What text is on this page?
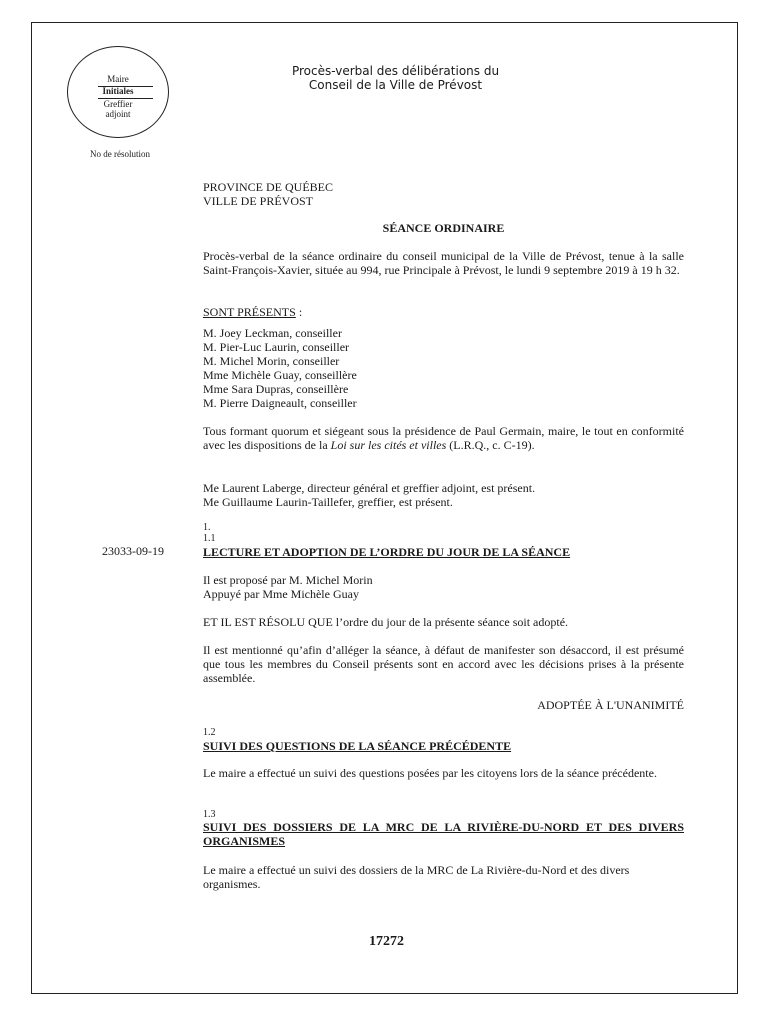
Maire
Initiales
Greffier
adjoint
Procès-verbal des délibérations du
Conseil de la Ville de Prévost
No de résolution
PROVINCE DE QUÉBEC
VILLE DE PRÉVOST
SÉANCE ORDINAIRE
Procès-verbal de la séance ordinaire du conseil municipal de la Ville de Prévost, tenue à la salle Saint-François-Xavier, située au 994, rue Principale à Prévost, le lundi 9 septembre 2019 à 19 h 32.
SONT PRÉSENTS :
M. Joey Leckman, conseiller
M. Pier-Luc Laurin, conseiller
M. Michel Morin, conseiller
Mme Michèle Guay, conseillère
Mme Sara Dupras, conseillère
M. Pierre Daigneault, conseiller
Tous formant quorum et siégeant sous la présidence de Paul Germain, maire, le tout en conformité avec les dispositions de la Loi sur les cités et villes (L.R.Q., c. C-19).
Me Laurent Laberge, directeur général et greffier adjoint, est présent.
Me Guillaume Laurin-Taillefer, greffier, est présent.
1.
1.1
23033-09-19	LECTURE ET ADOPTION DE L’ORDRE DU JOUR DE LA SÉANCE
Il est proposé par M. Michel Morin
Appuyé par Mme Michèle Guay
ET IL EST RÉSOLU QUE l’ordre du jour de la présente séance soit adopté.
Il est mentionné qu’afin d’alléger la séance, à défaut de manifester son désaccord, il est présumé que tous les membres du Conseil présents sont en accord avec les décisions prises à la présente assemblée.
ADOPTÉE À L'UNANIMITÉ
1.2
SUIVI DES QUESTIONS DE LA SÉANCE PRÉCÉDENTE
Le maire a effectué un suivi des questions posées par les citoyens lors de la séance précédente.
1.3
SUIVI DES DOSSIERS DE LA MRC DE LA RIVIÈRE-DU-NORD ET DES DIVERS ORGANISMES
Le maire a effectué un suivi des dossiers de la MRC de La Rivière-du-Nord et des divers organismes.
17272
